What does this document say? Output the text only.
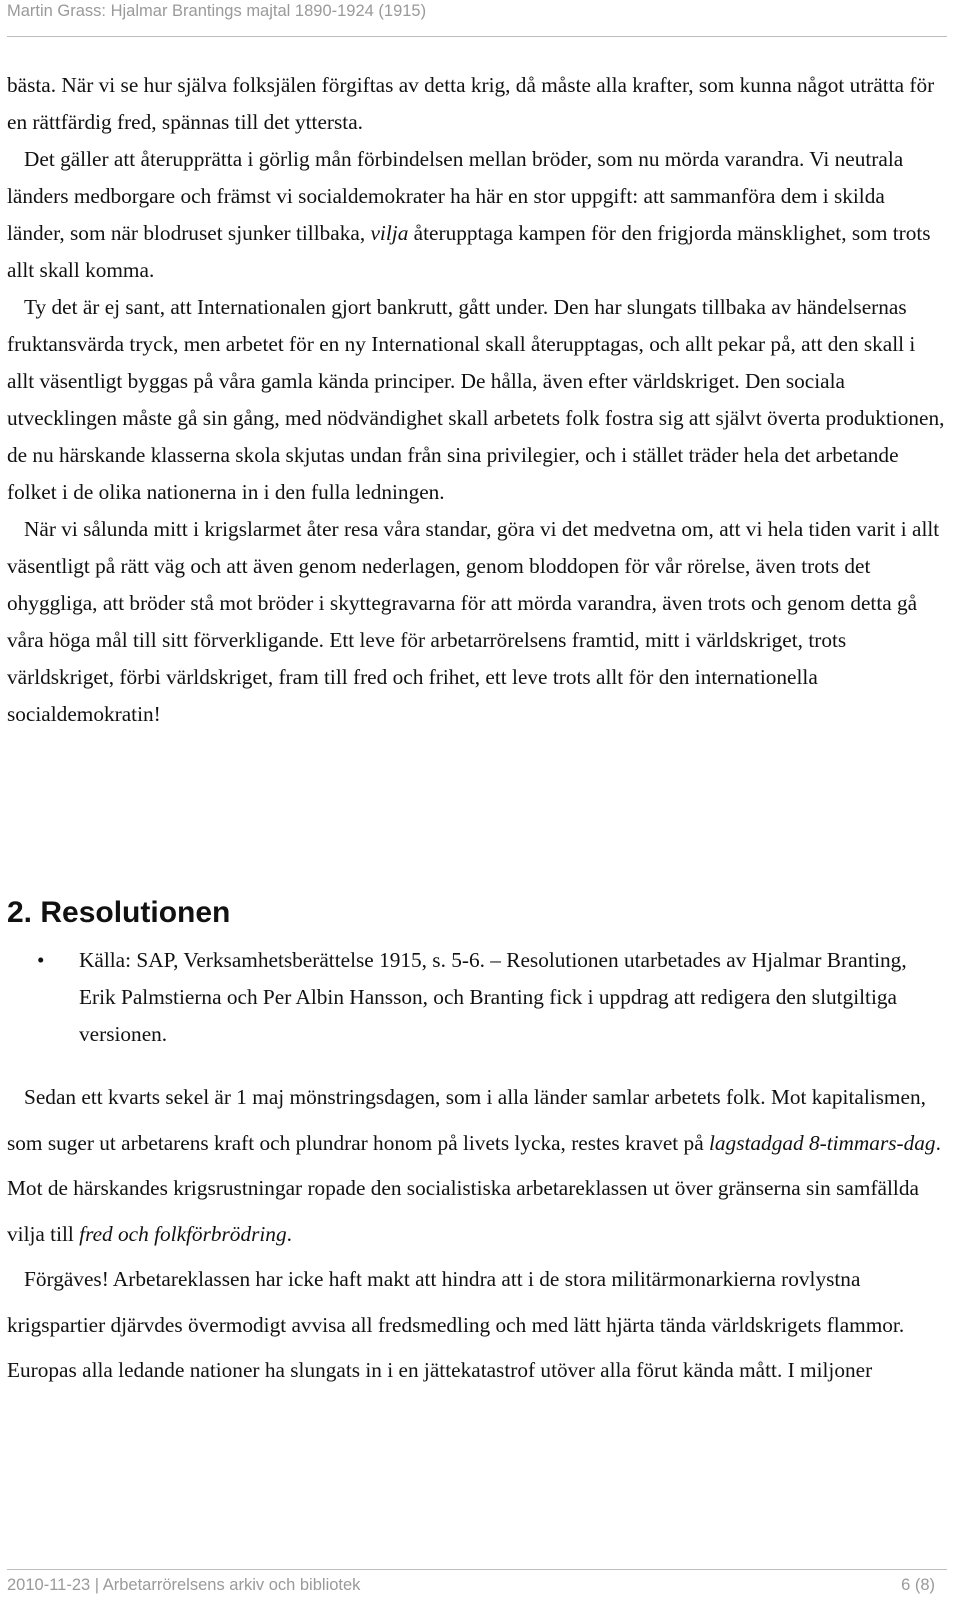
Martin Grass: Hjalmar Brantings majtal 1890-1924 (1915)

bästa. När vi se hur själva folksjälen förgiftas av detta krig, då måste alla krafter, som kunna något uträtta för en rättfärdig fred, spännas till det yttersta.

Det gäller att återupprätta i görlig mån förbindelsen mellan bröder, som nu mörda varandra. Vi neutrala länders medborgare och främst vi socialdemokrater ha här en stor uppgift: att sammanföra dem i skilda länder, som när blodruset sjunker tillbaka, vilja återupptaga kampen för den frigjorda mänsklighet, som trots allt skall komma.

Ty det är ej sant, att Internationalen gjort bankrutt, gått under. Den har slungats tillbaka av händelsernas fruktansvärda tryck, men arbetet för en ny International skall återupptagas, och allt pekar på, att den skall i allt väsentligt byggas på våra gamla kända principer. De hålla, även efter världskriget. Den sociala utvecklingen måste gå sin gång, med nödvändighet skall arbetets folk fostra sig att självt överta produktionen, de nu härskande klasserna skola skjutas undan från sina privilegier, och i stället träder hela det arbetande folket i de olika nationerna in i den fulla ledningen.

När vi sålunda mitt i krigslarmet åter resa våra standar, göra vi det medvetna om, att vi hela tiden varit i allt väsentligt på rätt väg och att även genom nederlagen, genom bloddopen för vår rörelse, även trots det ohyggliga, att bröder stå mot bröder i skyttegravarna för att mörda varandra, även trots och genom detta gå våra höga mål till sitt förverkligande. Ett leve för arbetarrörelsens framtid, mitt i världskriget, trots världskriget, förbi världskriget, fram till fred och frihet, ett leve trots allt för den internationella socialdemokratin!

2. Resolutionen
•	Källa: SAP, Verksamhetsberättelse 1915, s. 5-6. – Resolutionen utarbetades av Hjalmar Branting, Erik Palmstierna och Per Albin Hansson, och Branting fick i uppdrag att redigera den slutgiltiga versionen.

Sedan ett kvarts sekel är 1 maj mönstringsdagen, som i alla länder samlar arbetets folk. Mot kapitalismen, som suger ut arbetarens kraft och plundrar honom på livets lycka, restes kravet på lagstadgad 8-timmars-dag. Mot de härskandes krigsrustningar ropade den socialistiska arbetareklassen ut över gränserna sin samfällda vilja till fred och folkförbrödring.

Förgäves! Arbetareklassen har icke haft makt att hindra att i de stora militärmonarkierna rovlystna krigspartier djärvdes övermodigt avvisa all fredsmedling och med lätt hjärta tända världskrigets flammor. Europas alla ledande nationer ha slungats in i en jättekatastrof utöver alla förut kända mått. I miljoner

2010-11-23 | Arbetarrörelsens arkiv och bibliotek	6 (8)
